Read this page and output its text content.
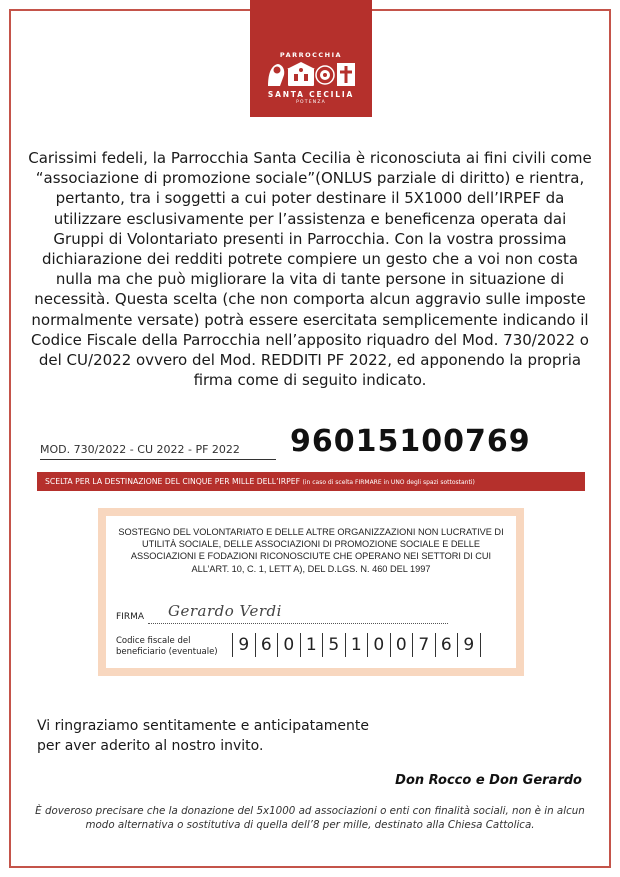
PARROCCHIA
SANTA CECILIA
POTENZA

Carissimi fedeli, la Parrocchia Santa Cecilia è riconosciuta ai fini civili come “associazione di promozione sociale”(ONLUS parziale di diritto) e rientra, pertanto, tra i soggetti a cui poter destinare il 5X1000 dell’IRPEF da utilizzare esclusivamente per l’assistenza e beneficenza operata dai Gruppi di Volontariato presenti in Parrocchia. Con la vostra prossima dichiarazione dei redditi potrete compiere un gesto che a voi non costa nulla ma che può migliorare la vita di tante persone in situazione di necessità. Questa scelta (che non comporta alcun aggravio sulle imposte normalmente versate) potrà essere esercitata semplicemente indicando il Codice Fiscale della Parrocchia nell’apposito riquadro del Mod. 730/2022 o del CU/2022 ovvero del Mod. REDDITI PF 2022, ed apponendo la propria firma come di seguito indicato.

MOD. 730/2022 - CU 2022 - PF 2022	96015100769
SCELTA PER LA DESTINAZIONE DEL CINQUE PER MILLE DELL’IRPEF (in caso di scelta FIRMARE in UNO degli spazi sottostanti)
SOSTEGNO DEL VOLONTARIATO E DELLE ALTRE ORGANIZZAZIONI NON LUCRATIVE DI UTILITÀ SOCIALE, DELLE ASSOCIAZIONI DI PROMOZIONE SOCIALE E DELLE ASSOCIAZIONI E FODAZIONI RICONOSCIUTE CHE OPERANO NEI SETTORI DI CUI ALL’ART. 10, C. 1, LETT A), DEL D.LGS. N. 460 DEL 1997
FIRMA Gerardo Verdi
Codice fiscale del beneficiario (eventuale)	9 6 0 1 5 1 0 0 7 6 9
Vi ringraziamo sentitamente e anticipatamente
per aver aderito al nostro invito.
Don Rocco e Don Gerardo

È doveroso precisare che la donazione del 5x1000 ad associazioni o enti con finalità sociali, non è in alcun modo alternativa o sostitutiva di quella dell’8 per mille, destinato alla Chiesa Cattolica.
